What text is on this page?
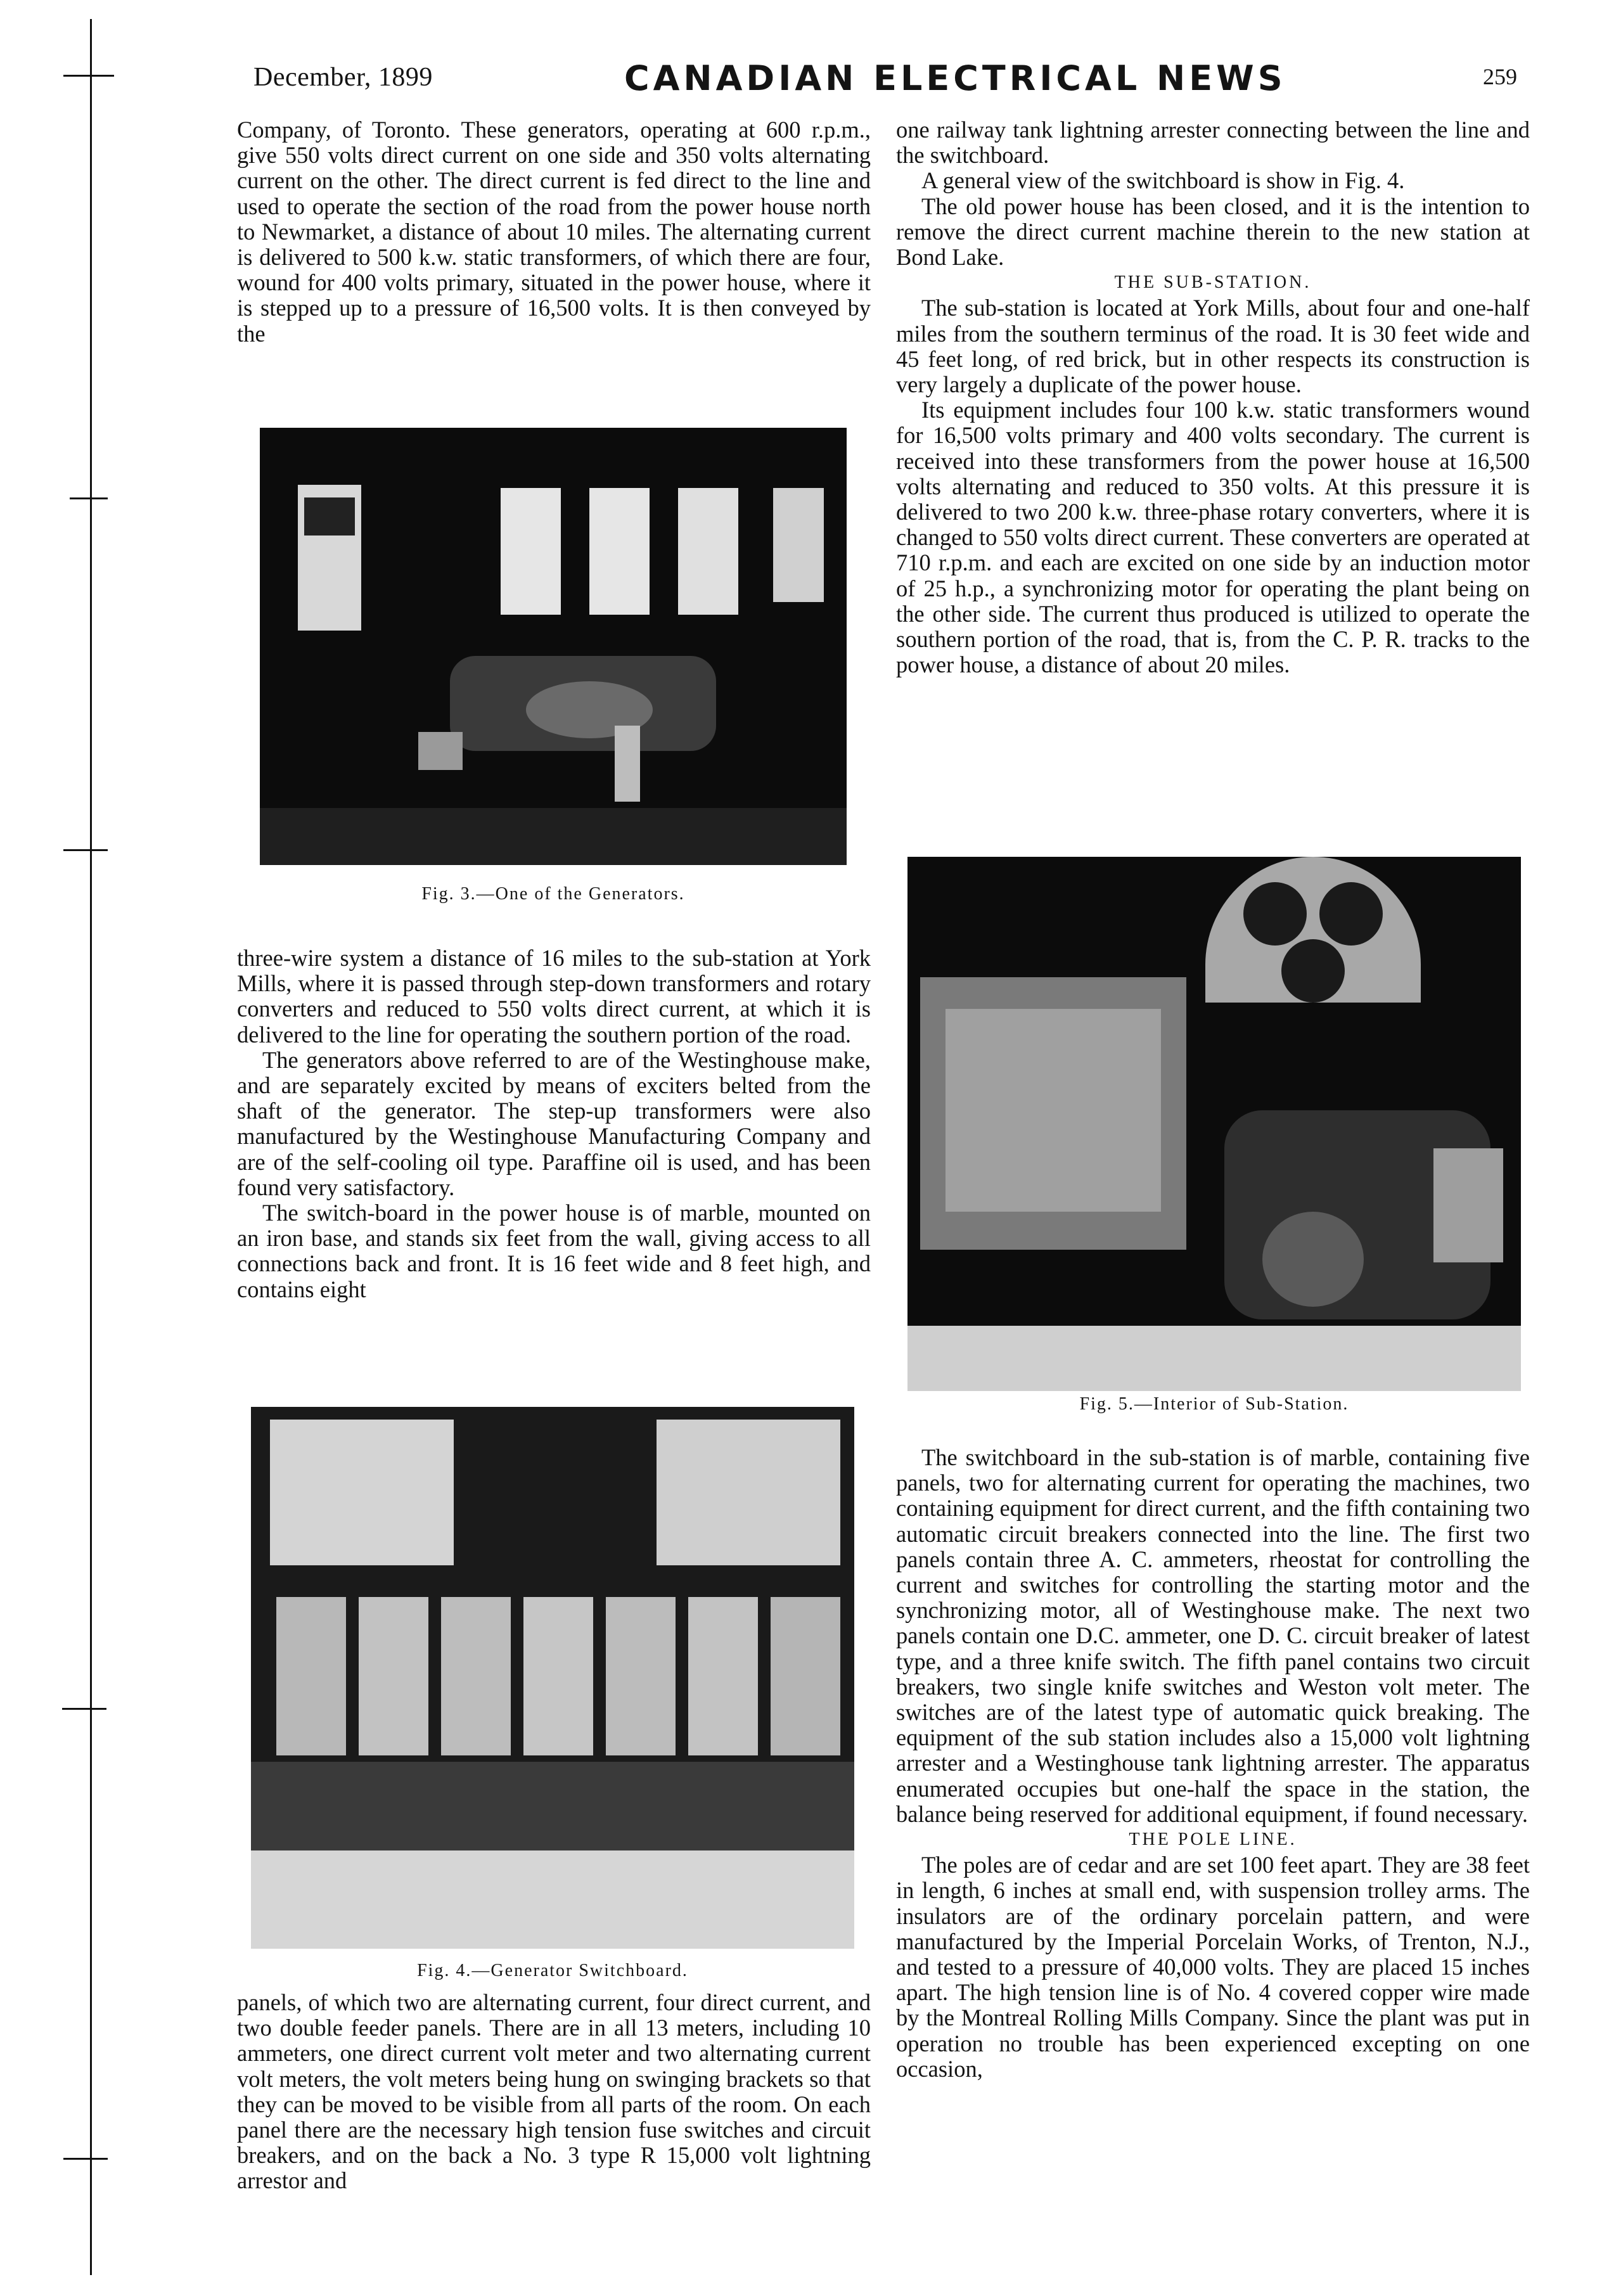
December, 1899	CANADIAN ELECTRICAL NEWS	259

Company, of Toronto. These generators, operating at 600 r.p.m., give 550 volts direct current on one side and 350 volts alternating current on the other. The direct current is fed direct to the line and used to operate the section of the road from the power house north to Newmarket, a distance of about 10 miles. The alternating current is delivered to 500 k.w. static transformers, of which there are four, wound for 400 volts primary, situated in the power house, where it is stepped up to a pressure of 16,500 volts. It is then conveyed by the

Fig. 3.—One of the Generators.

three-wire system a distance of 16 miles to the sub-station at York Mills, where it is passed through step-down transformers and rotary converters and reduced to 550 volts direct current, at which it is delivered to the line for operating the southern portion of the road.

The generators above referred to are of the Westinghouse make, and are separately excited by means of exciters belted from the shaft of the generator. The step-up transformers were also manufactured by the Westinghouse Manufacturing Company and are of the self-cooling oil type. Paraffine oil is used, and has been found very satisfactory.

The switch-board in the power house is of marble, mounted on an iron base, and stands six feet from the wall, giving access to all connections back and front. It is 16 feet wide and 8 feet high, and contains eight

Fig. 4.—Generator Switchboard.

panels, of which two are alternating current, four direct current, and two double feeder panels. There are in all 13 meters, including 10 ammeters, one direct current volt meter and two alternating current volt meters, the volt meters being hung on swinging brackets so that they can be moved to be visible from all parts of the room. On each panel there are the necessary high tension fuse switches and circuit breakers, and on the back a No. 3 type R 15,000 volt lightning arrestor and

one railway tank lightning arrester connecting between the line and the switchboard.

A general view of the switchboard is show in Fig. 4.

The old power house has been closed, and it is the intention to remove the direct current machine therein to the new station at Bond Lake.

THE SUB-STATION.

The sub-station is located at York Mills, about four and one-half miles from the southern terminus of the road. It is 30 feet wide and 45 feet long, of red brick, but in other respects its construction is very largely a duplicate of the power house.

Its equipment includes four 100 k.w. static transformers wound for 16,500 volts primary and 400 volts secondary. The current is received into these transformers from the power house at 16,500 volts alternating and reduced to 350 volts. At this pressure it is delivered to two 200 k.w. three-phase rotary converters, where it is changed to 550 volts direct current. These converters are operated at 710 r.p.m. and each are excited on one side by an induction motor of 25 h.p., a synchronizing motor for operating the plant being on the other side. The current thus produced is utilized to operate the southern portion of the road, that is, from the C. P. R. tracks to the power house, a distance of about 20 miles.

Fig. 5.—Interior of Sub-Station.

The switchboard in the sub-station is of marble, containing five panels, two for alternating current for operating the machines, two containing equipment for direct current, and the fifth containing two automatic circuit breakers connected into the line. The first two panels contain three A. C. ammeters, rheostat for controlling the current and switches for controlling the starting motor and the synchronizing motor, all of Westinghouse make. The next two panels contain one D.C. ammeter, one D. C. circuit breaker of latest type, and a three knife switch. The fifth panel contains two circuit breakers, two single knife switches and Weston volt meter. The switches are of the latest type of automatic quick breaking. The equipment of the sub station includes also a 15,000 volt lightning arrester and a Westinghouse tank lightning arrester. The apparatus enumerated occupies but one-half the space in the station, the balance being reserved for additional equipment, if found necessary.

THE POLE LINE.

The poles are of cedar and are set 100 feet apart. They are 38 feet in length, 6 inches at small end, with suspension trolley arms. The insulators are of the ordinary porcelain pattern, and were manufactured by the Imperial Porcelain Works, of Trenton, N.J., and tested to a pressure of 40,000 volts. They are placed 15 inches apart. The high tension line is of No. 4 covered copper wire made by the Montreal Rolling Mills Company. Since the plant was put in operation no trouble has been experienced excepting on one occasion,
